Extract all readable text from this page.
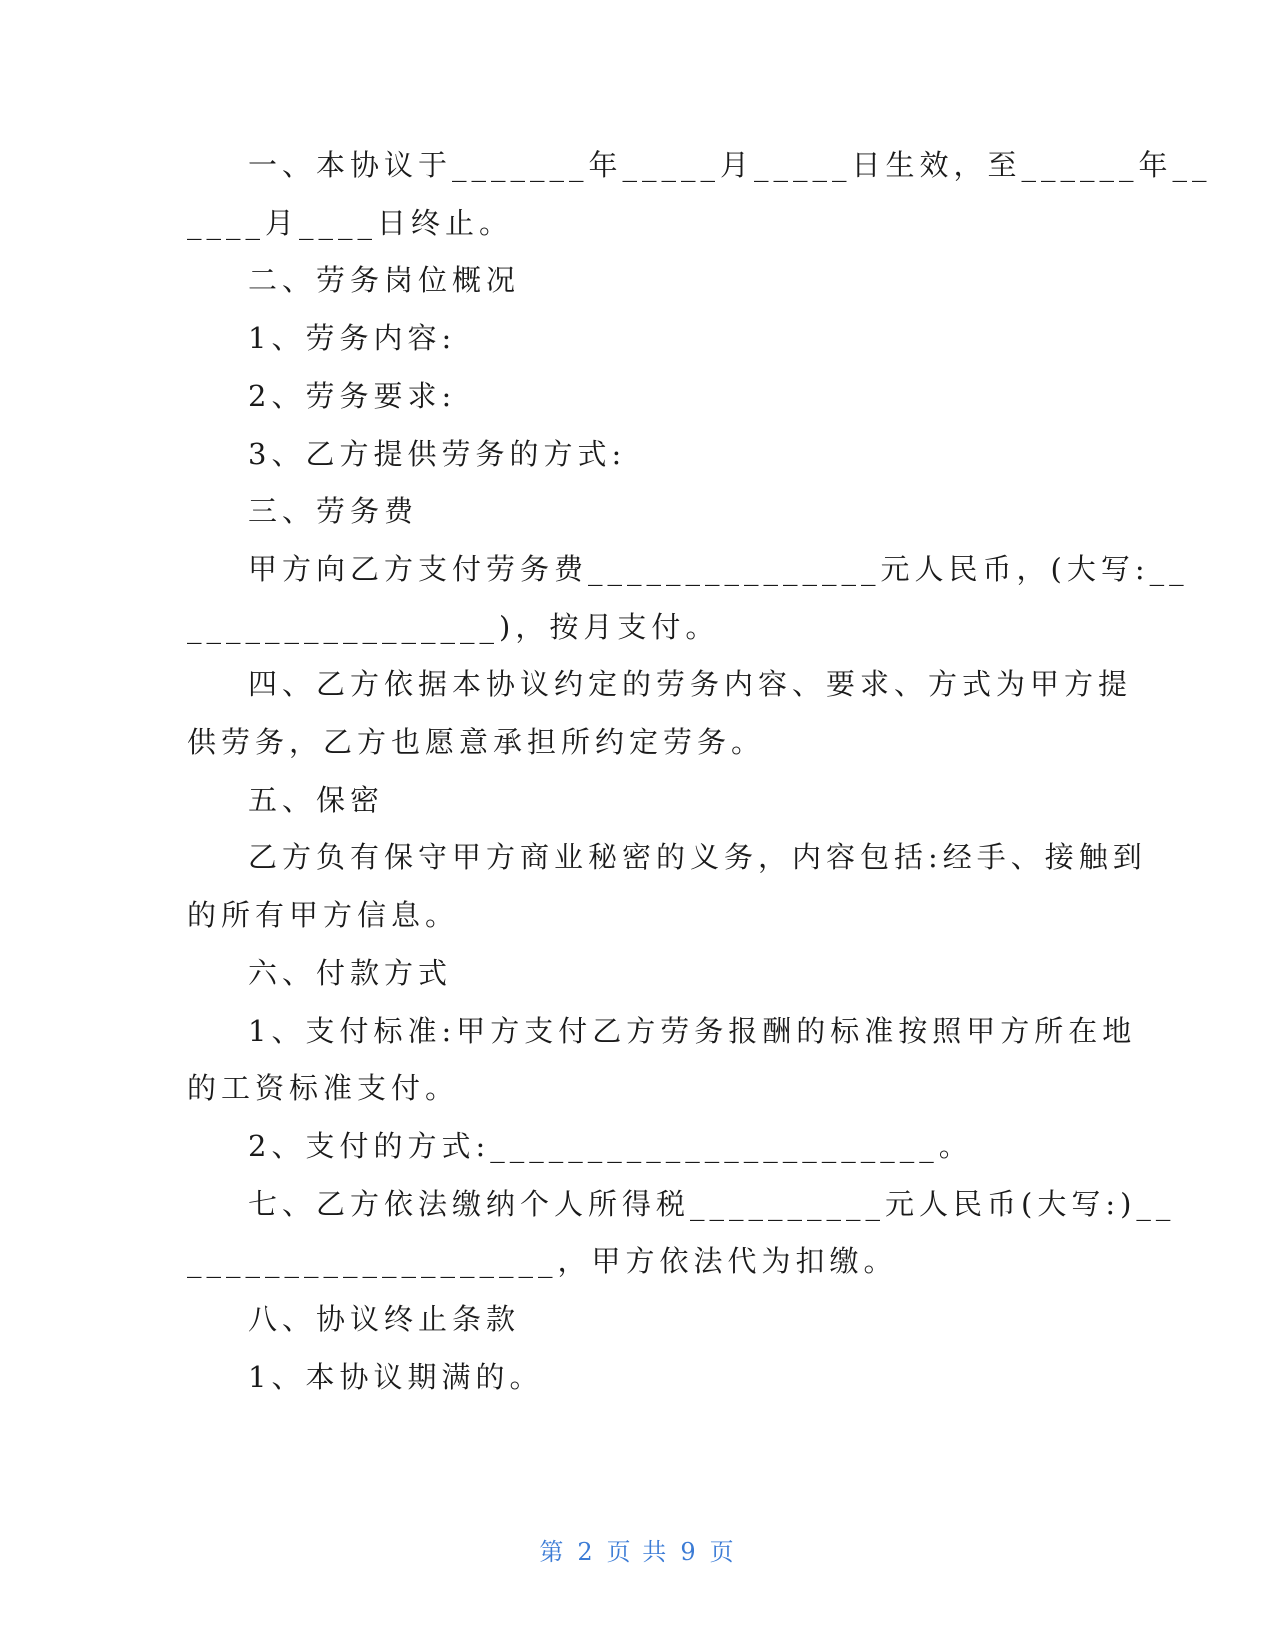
一、本协议于_______年_____月_____日生效，至______年__
____月____日终止。
二、劳务岗位概况
1、劳务内容:
2、劳务要求:
3、乙方提供劳务的方式:
三、劳务费
甲方向乙方支付劳务费_______________元人民币，(大写:__
________________)，按月支付。
四、乙方依据本协议约定的劳务内容、要求、方式为甲方提
供劳务，乙方也愿意承担所约定劳务。
五、保密
乙方负有保守甲方商业秘密的义务，内容包括:经手、接触到
的所有甲方信息。
六、付款方式
1、支付标准:甲方支付乙方劳务报酬的标准按照甲方所在地
的工资标准支付。
2、支付的方式:_______________________。
七、乙方依法缴纳个人所得税__________元人民币(大写:)__
___________________，甲方依法代为扣缴。
八、协议终止条款
1、本协议期满的。
第 2 页 共 9 页
